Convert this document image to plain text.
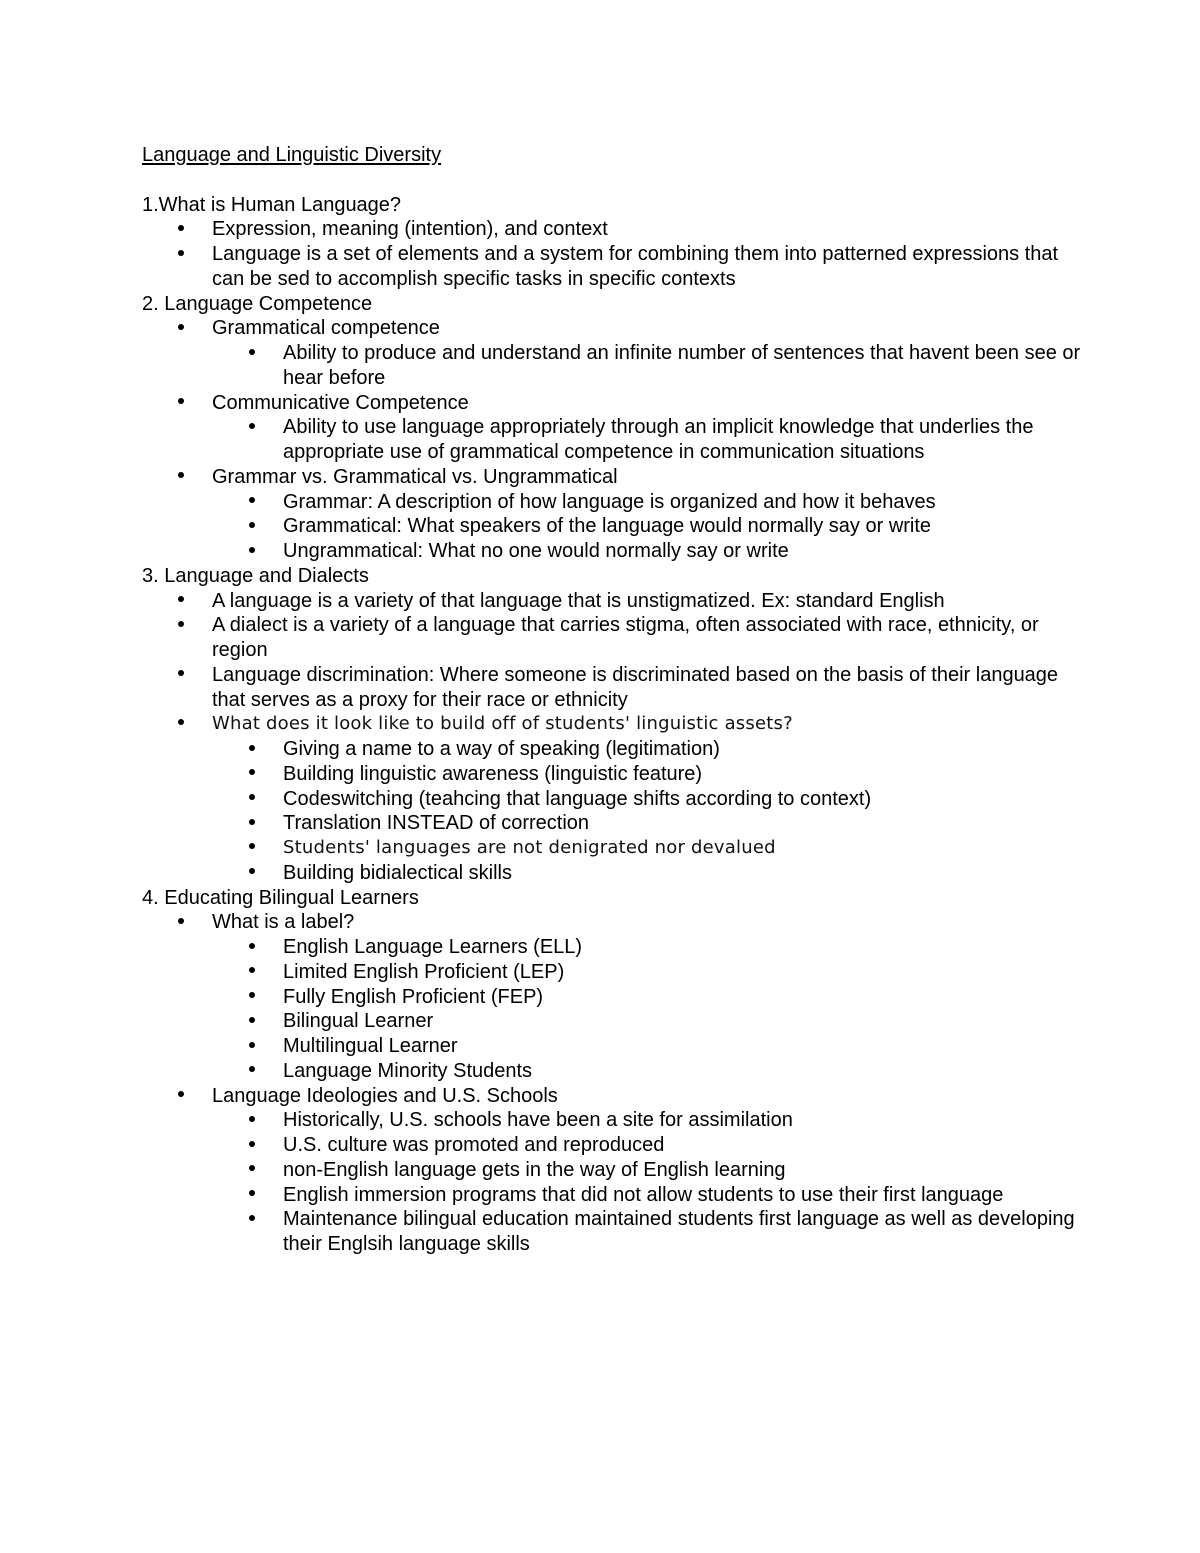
Language and Linguistic Diversity
1.What is Human Language?
Expression, meaning (intention), and context
Language is a set of elements and a system for combining them into patterned expressions that can be sed to accomplish specific tasks in specific contexts
2. Language Competence
Grammatical competence
Ability to produce and understand an infinite number of sentences that havent been see or hear before
Communicative Competence
Ability to use language appropriately through an implicit knowledge that underlies the appropriate use of grammatical competence in communication situations
Grammar vs. Grammatical vs. Ungrammatical
Grammar: A description of how language is organized and how it behaves
Grammatical: What speakers of the language would normally say or write
Ungrammatical: What no one would normally say or write
3. Language and Dialects
A language is a variety of that language that is unstigmatized. Ex: standard English
A dialect is a variety of a language that carries stigma, often associated with race, ethnicity, or region
Language discrimination: Where someone is discriminated based on the basis of their language that serves as a proxy for their race or ethnicity
What does it look like to build off of students' linguistic assets?
Giving a name to a way of speaking (legitimation)
Building linguistic awareness (linguistic feature)
Codeswitching (teahcing that language shifts according to context)
Translation INSTEAD of correction
Students' languages are not denigrated nor devalued
Building bidialectical skills
4. Educating Bilingual Learners
What is a label?
English Language Learners (ELL)
Limited English Proficient (LEP)
Fully English Proficient (FEP)
Bilingual Learner
Multilingual Learner
Language Minority Students
Language Ideologies and U.S. Schools
Historically, U.S. schools have been a site for assimilation
U.S. culture was promoted and reproduced
non-English language gets in the way of English learning
English immersion programs that did not allow students to use their first language
Maintenance bilingual education maintained students first language as well as developing their Englsih language skills
